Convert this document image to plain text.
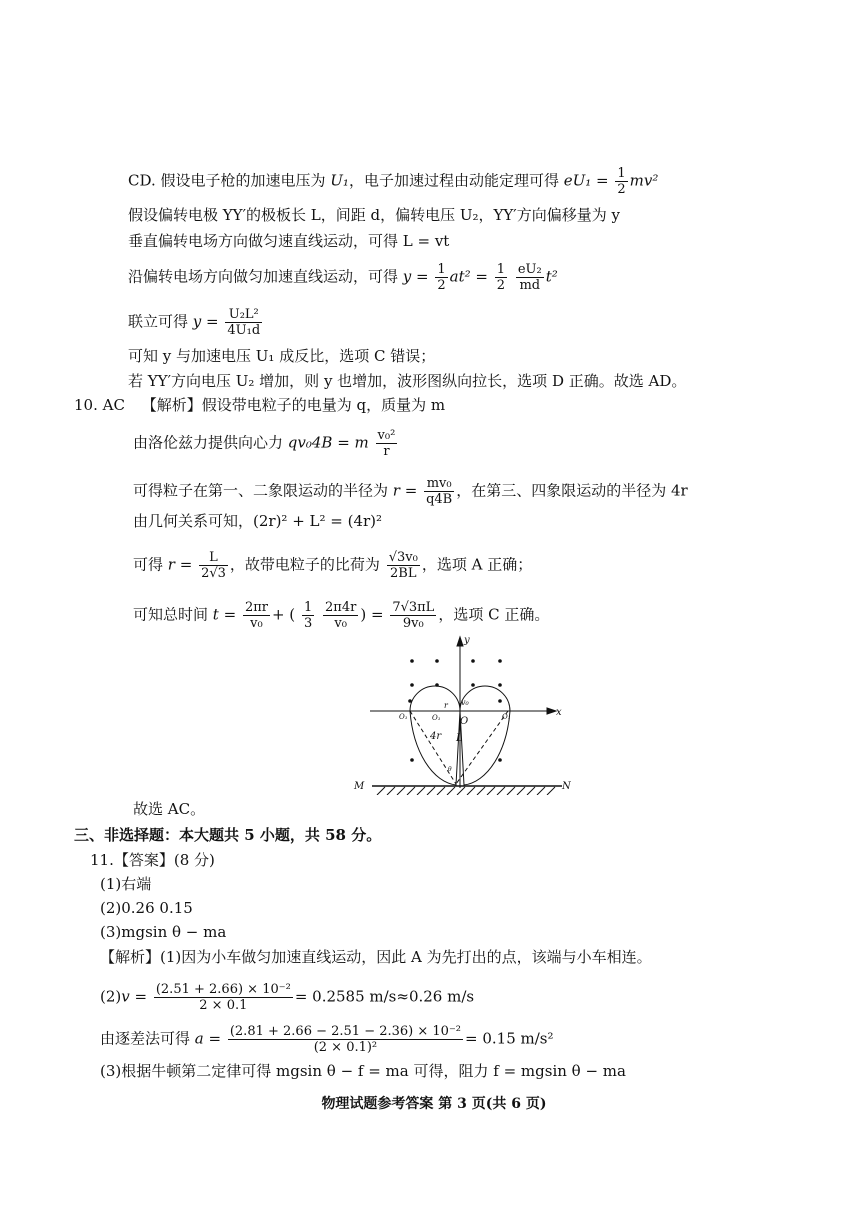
CD. 假设电子枪的加速电压为 U₁，电子加速过程由动能定理可得 $eU_1 = \frac{1}{2} mv^2$
假设偏转电极 YY′的极板长 L，间距 d，偏转电压 U₂，YY′方向偏移量为 y
垂直偏转电场方向做匀速直线运动，可得 L = vt
沿偏转电场方向做匀加速直线运动，可得 $y = \frac{1}{2} at^2 = \frac{1}{2}$
$\frac{\text{eU₂}}{md} t^2$
联立可得 $y = \frac{\text{U₂L²}}{\text{4U₁d}}$
可知 y 与加速电压 U₁ 成反比，选项 C 错误；
若 YY′方向电压 U₂ 增加，则 y 也增加，波形图纵向拉长，选项 D 正确。故选 AD。
10. AC 【解析】假设带电粒子的电量为 q，质量为 m
由洛伦兹力提供向心力 qv₀4B = m $\frac{\text{v₀²}}{r}$
可得粒子在第一、二象限运动的半径为 $r = \frac{\text{mv₀}}{q4B}$ ，在第三、四象限运动的半径为 4r
由几何关系可知，(2r)² + L² = (4r)²
可得 $r = \frac{L}{2√3}$ ，故带电粒子的比荷为 $\frac{\text{√3v₀}}{2BL}$ ，选项 A 正确；
可知总时间 $t = \frac{2\pi r}{\text{v₀}}$ + ( $\frac{1}{3}$
$\frac{2\pi 4r}{\text{v₀}}$ ) = $\frac{7√3\pi L}{\text{9v₀}}$ ，选项 C 正确。
y
x
O
v₀
r
O₁
O₁	O₁
4r L
θ
M	N
故选 AC。
三、非选择题：本大题共 5 小题，共 58 分。
11.【答案】(8 分)
(1)右端
(2)0.26 0.15
(3)mgsin θ − ma
【解析】(1)因为小车做匀加速直线运动，因此 A 为先打出的点，该端与小车相连。
$(2)v = \frac{\text{(2.51 + 2.66) × 10⁻²}}{2 \times 0.1} = 0.2585$ m/s≈0.26 m/s
由逐差法可得 $a = \frac{\text{(2.81 + 2.66 − 2.51 − 2.36) × 10⁻²}}{\text{(2 × 0.1)²}} = 0.15$ m/s²
(3)根据牛顿第二定律可得 mgsin θ − f = ma 可得，阻力 f = mgsin θ − ma
物理试题参考答案 第 3 页(共 6 页)
